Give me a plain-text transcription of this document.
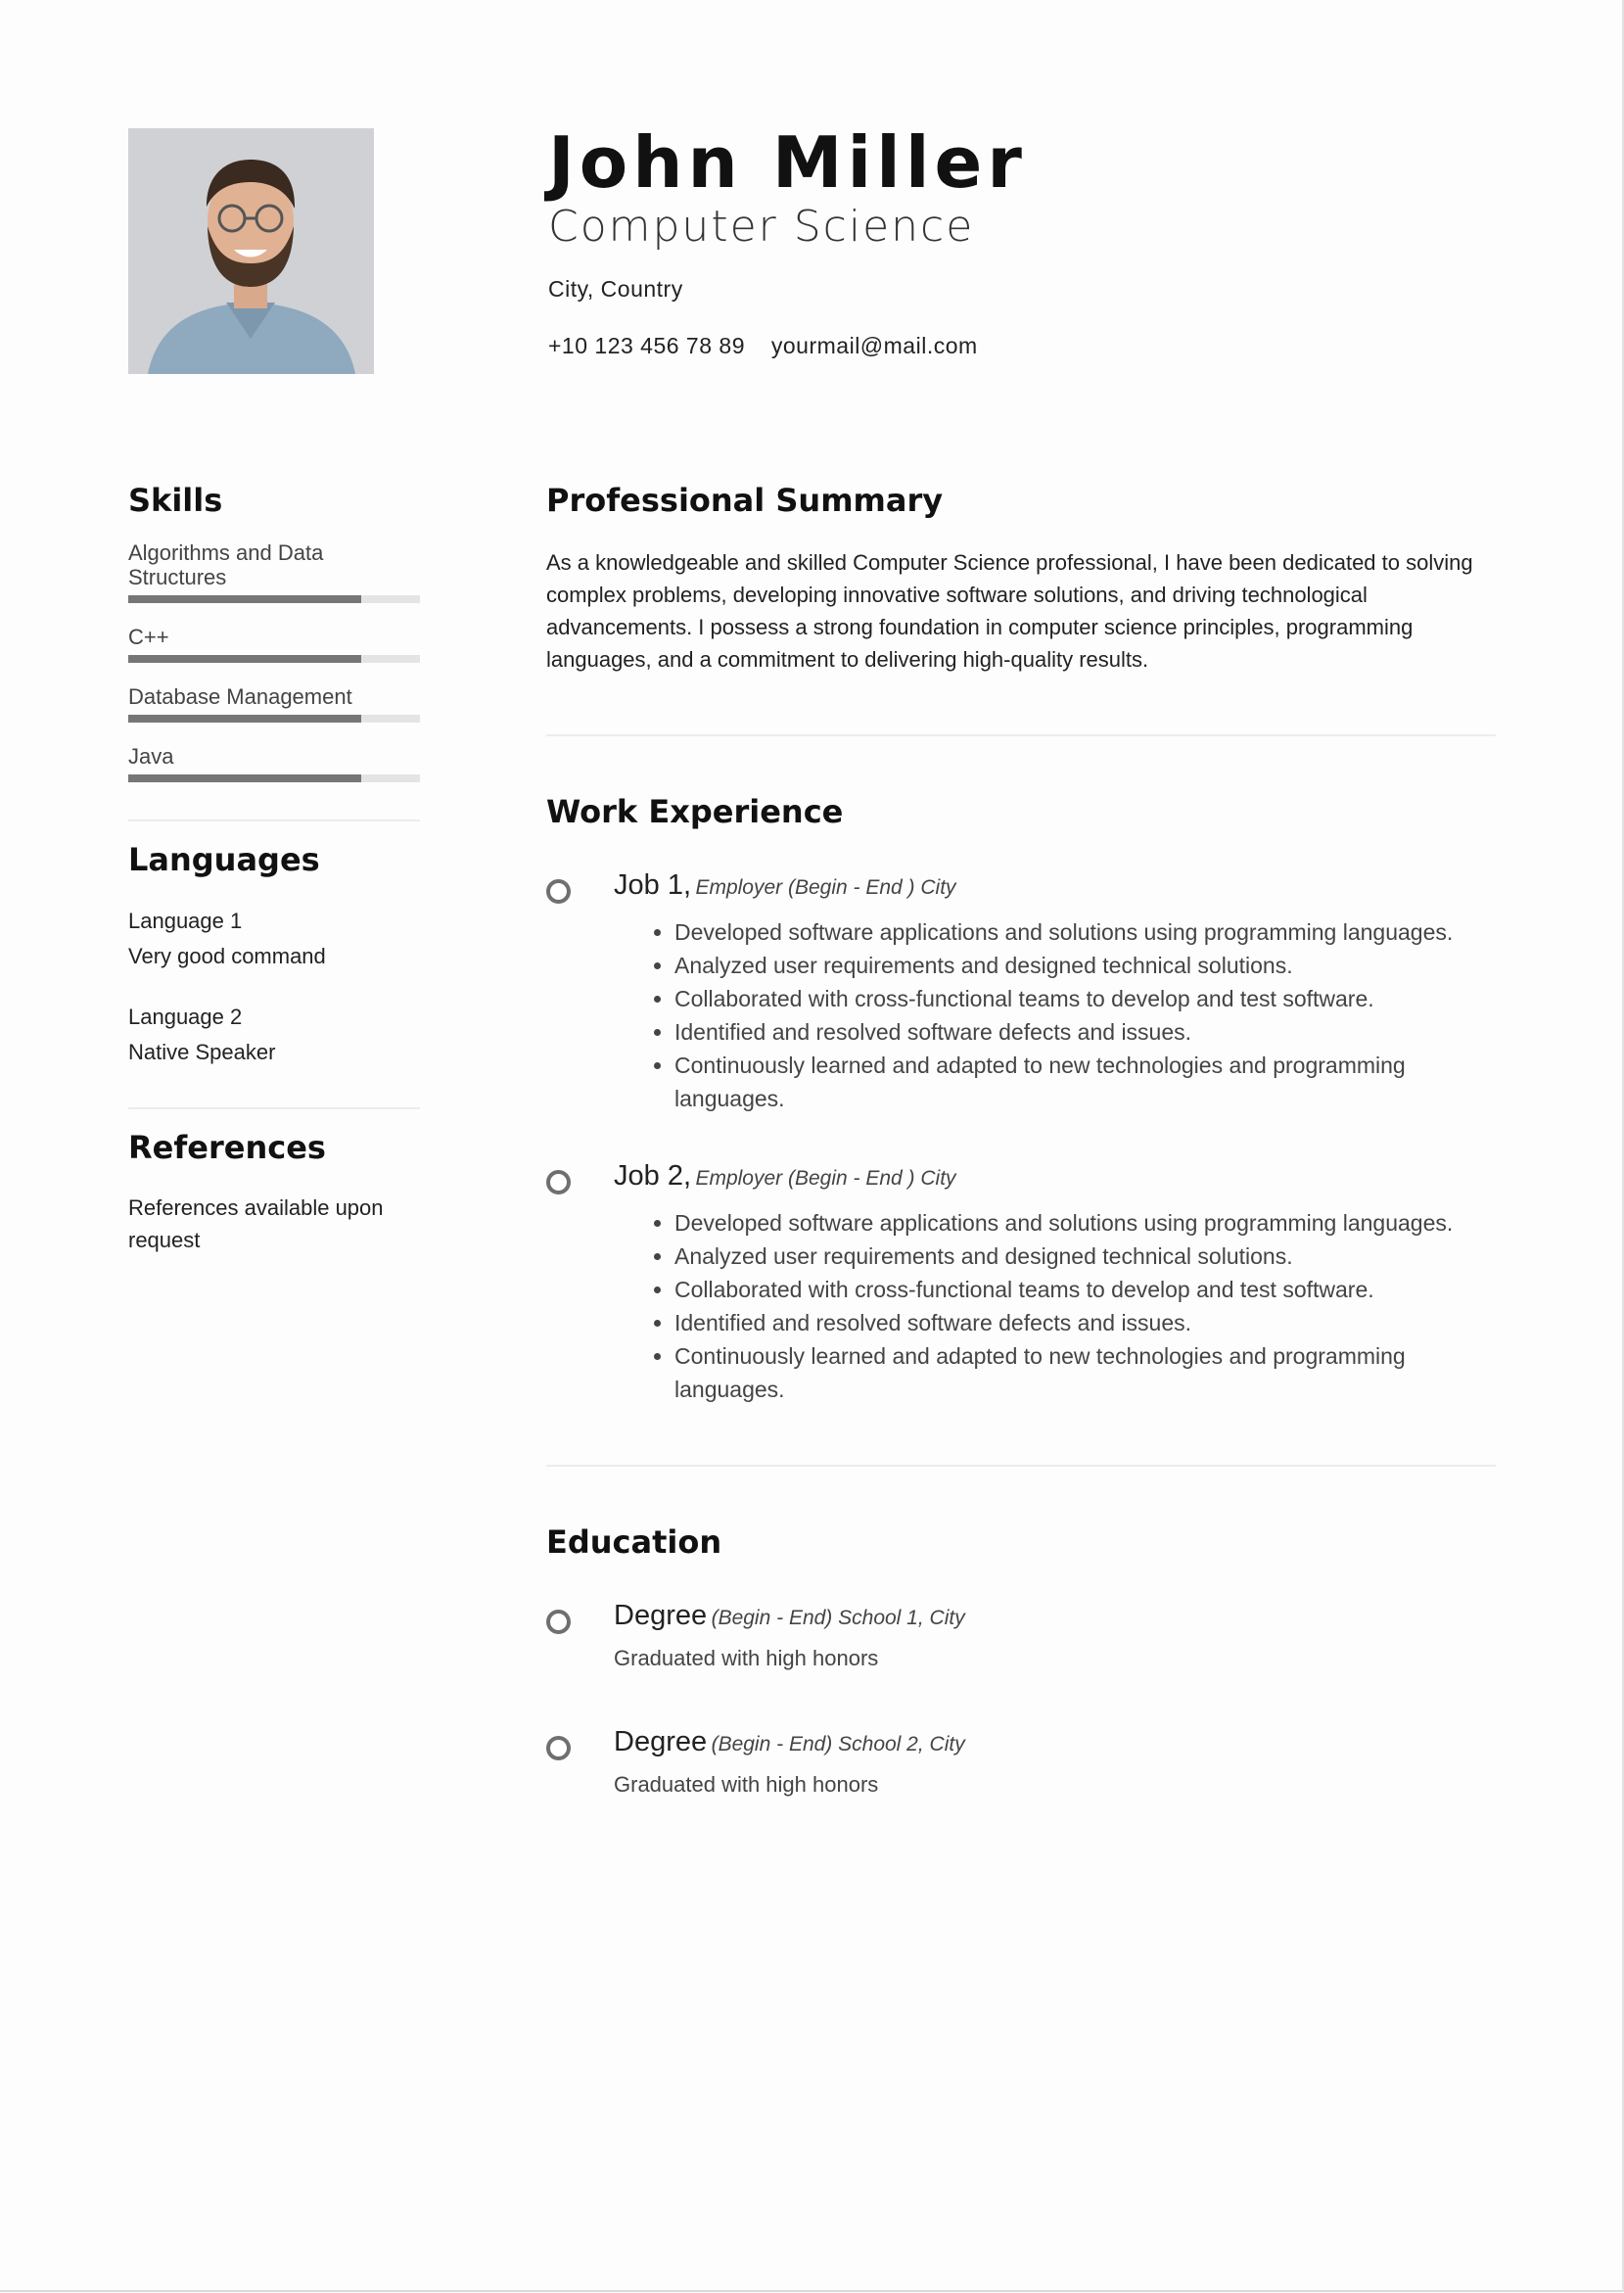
John Miller
Computer Science
City, Country
+10 123 456 78 89 yourmail@mail.com
Skills
Algorithms and Data Structures
C++
Database Management
Java
Languages
Language 1
Very good command
Language 2
Native Speaker
References
References available upon request
Professional Summary
As a knowledgeable and skilled Computer Science professional, I have been dedicated to solving complex problems, developing innovative software solutions, and driving technological advancements. I possess a strong foundation in computer science principles, programming languages, and a commitment to delivering high-quality results.
Work Experience
Job 1, Employer (Begin - End ) City
• Developed software applications and solutions using programming languages.
• Analyzed user requirements and designed technical solutions.
• Collaborated with cross-functional teams to develop and test software.
• Identified and resolved software defects and issues.
• Continuously learned and adapted to new technologies and programming languages.
Job 2, Employer (Begin - End ) City
• Developed software applications and solutions using programming languages.
• Analyzed user requirements and designed technical solutions.
• Collaborated with cross-functional teams to develop and test software.
• Identified and resolved software defects and issues.
• Continuously learned and adapted to new technologies and programming languages.
Education
Degree (Begin - End) School 1, City
Graduated with high honors
Degree (Begin - End) School 2, City
Graduated with high honors
